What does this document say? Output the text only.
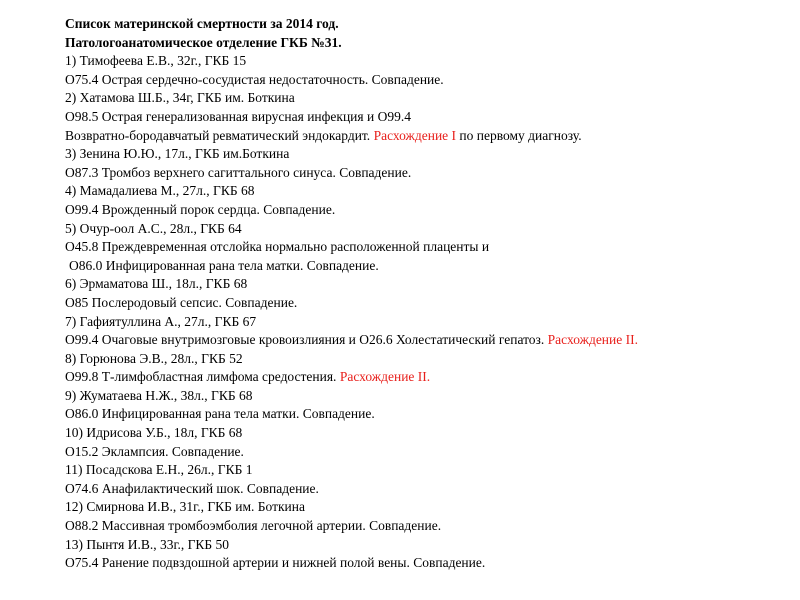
Список материнской смертности за 2014 год.
Патологоанатомическое отделение ГКБ №31.
1) Тимофеева Е.В., 32г., ГКБ 15
O75.4 Острая сердечно-сосудистая недостаточность. Совпадение.
2) Хатамова Ш.Б., 34г, ГКБ им. Боткина
O98.5 Острая генерализованная вирусная инфекция и O99.4
Возвратно-бородавчатый ревматический эндокардит. Расхождение I по первому диагнозу.
3) Зенина Ю.Ю., 17л., ГКБ им.Боткина
O87.3 Тромбоз верхнего сагиттального синуса. Совпадение.
4) Мамадалиева М., 27л., ГКБ 68
O99.4 Врожденный порок сердца. Совпадение.
5) Очур-оол А.С., 28л., ГКБ 64
O45.8 Преждевременная отслойка нормально расположенной плаценты и
O86.0 Инфицированная рана тела матки. Совпадение.
6) Эрмаматова Ш., 18л., ГКБ 68
O85 Послеродовый сепсис. Совпадение.
7) Гафиятуллина А., 27л., ГКБ 67
O99.4 Очаговые внутримозговые кровоизлияния и O26.6 Холестатический гепатоз. Расхождение II.
8) Горюнова Э.В., 28л., ГКБ 52
O99.8 Т-лимфобластная лимфома средостения. Расхождение II.
9) Жуматаева Н.Ж., 38л., ГКБ 68
O86.0 Инфицированная рана тела матки. Совпадение.
10) Идрисова У.Б., 18л, ГКБ 68
O15.2 Эклампсия. Совпадение.
11) Посадскова Е.Н., 26л., ГКБ 1
O74.6 Анафилактический шок. Совпадение.
12) Смирнова И.В., 31г., ГКБ им. Боткина
O88.2 Массивная тромбоэмболия легочной артерии. Совпадение.
13) Пынтя И.В., 33г., ГКБ 50
O75.4 Ранение подвздошной артерии и нижней полой вены. Совпадение.
